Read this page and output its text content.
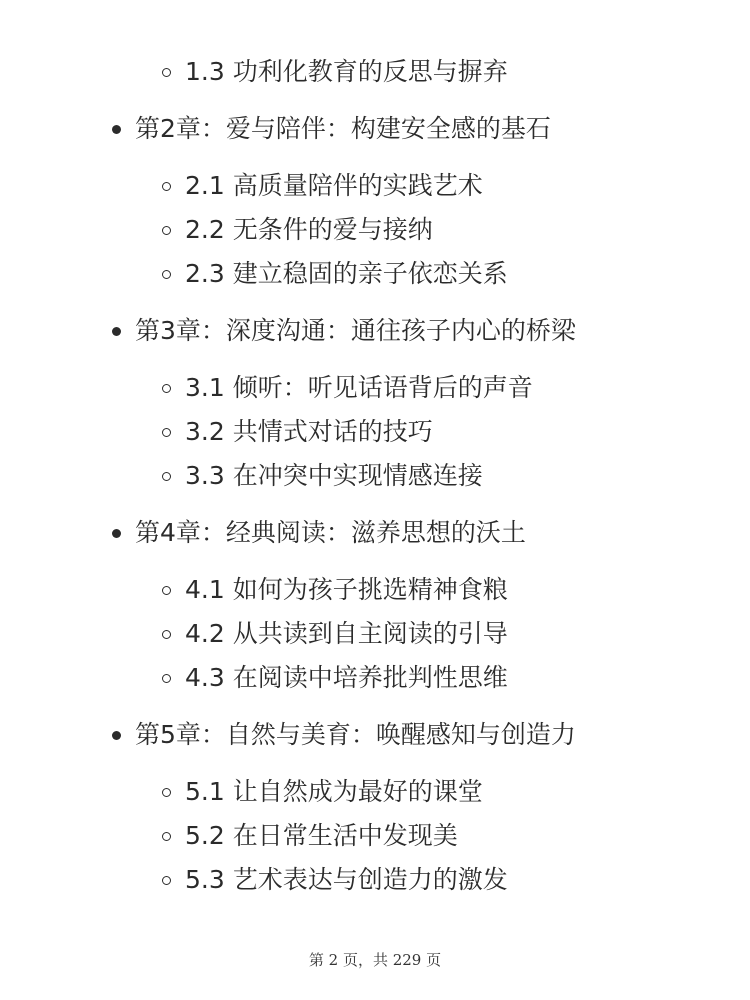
1.3 功利化教育的反思与摒弃
第2章：爱与陪伴：构建安全感的基石
2.1 高质量陪伴的实践艺术
2.2 无条件的爱与接纳
2.3 建立稳固的亲子依恋关系
第3章：深度沟通：通往孩子内心的桥梁
3.1 倾听：听见话语背后的声音
3.2 共情式对话的技巧
3.3 在冲突中实现情感连接
第4章：经典阅读：滋养思想的沃土
4.1 如何为孩子挑选精神食粮
4.2 从共读到自主阅读的引导
4.3 在阅读中培养批判性思维
第5章：自然与美育：唤醒感知与创造力
5.1 让自然成为最好的课堂
5.2 在日常生活中发现美
5.3 艺术表达与创造力的激发
第 2 页，共 229 页
